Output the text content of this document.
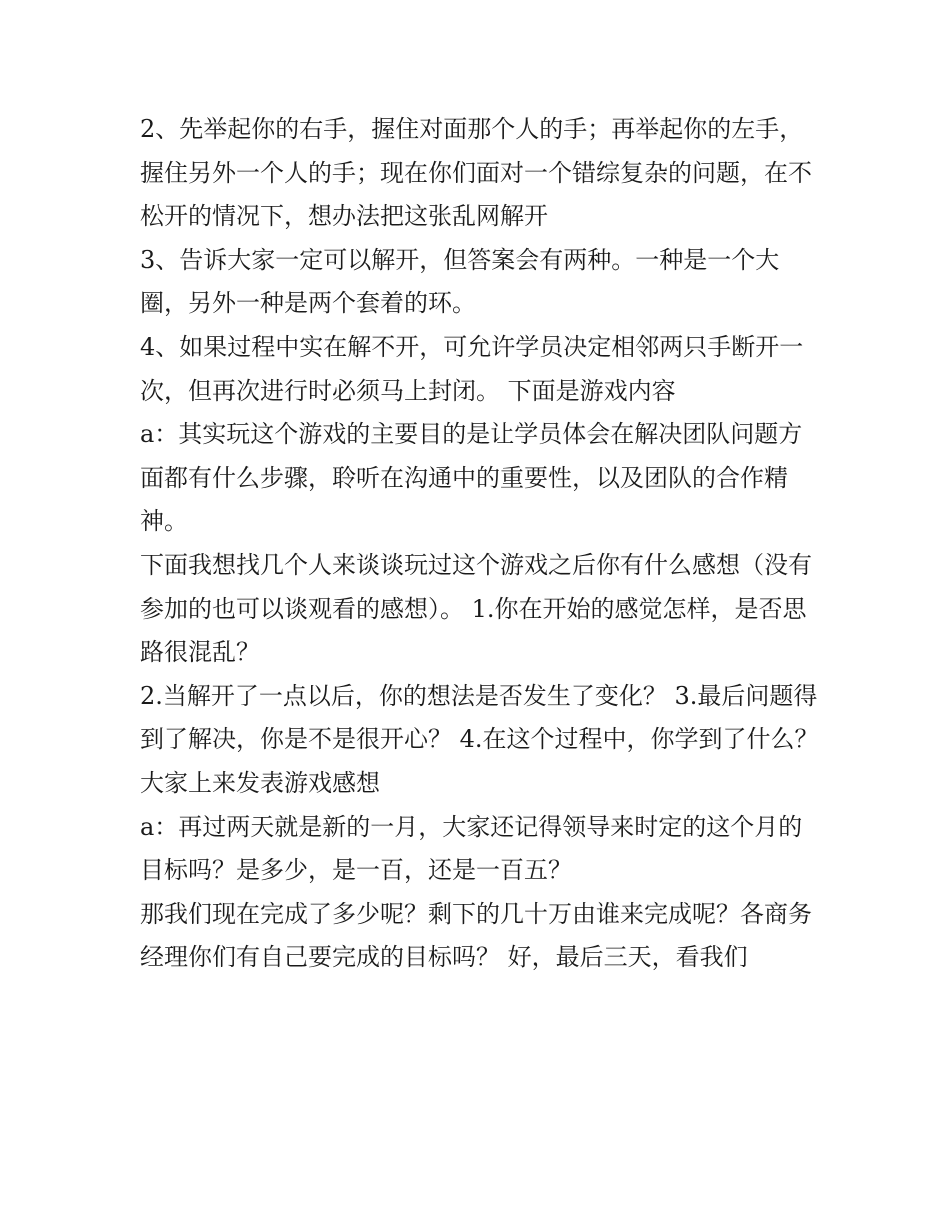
2、先举起你的右手，握住对面那个人的手；再举起你的左手，握住另外一个人的手；现在你们面对一个错综复杂的问题，在不松开的情况下，想办法把这张乱网解开

3、告诉大家一定可以解开，但答案会有两种。一种是一个大圈，另外一种是两个套着的环。

4、如果过程中实在解不开，可允许学员决定相邻两只手断开一次，但再次进行时必须马上封闭。 下面是游戏内容

a：其实玩这个游戏的主要目的是让学员体会在解决团队问题方面都有什么步骤，聆听在沟通中的重要性，以及团队的合作精神。

下面我想找几个人来谈谈玩过这个游戏之后你有什么感想（没有参加的也可以谈观看的感想）。 1.你在开始的感觉怎样，是否思路很混乱？

2.当解开了一点以后，你的想法是否发生了变化？ 3.最后问题得到了解决，你是不是很开心？ 4.在这个过程中，你学到了什么？ 大家上来发表游戏感想

a：再过两天就是新的一月，大家还记得领导来时定的这个月的目标吗？是多少，是一百，还是一百五？

那我们现在完成了多少呢？剩下的几十万由谁来完成呢？各商务经理你们有自己要完成的目标吗？ 好，最后三天，看我们
